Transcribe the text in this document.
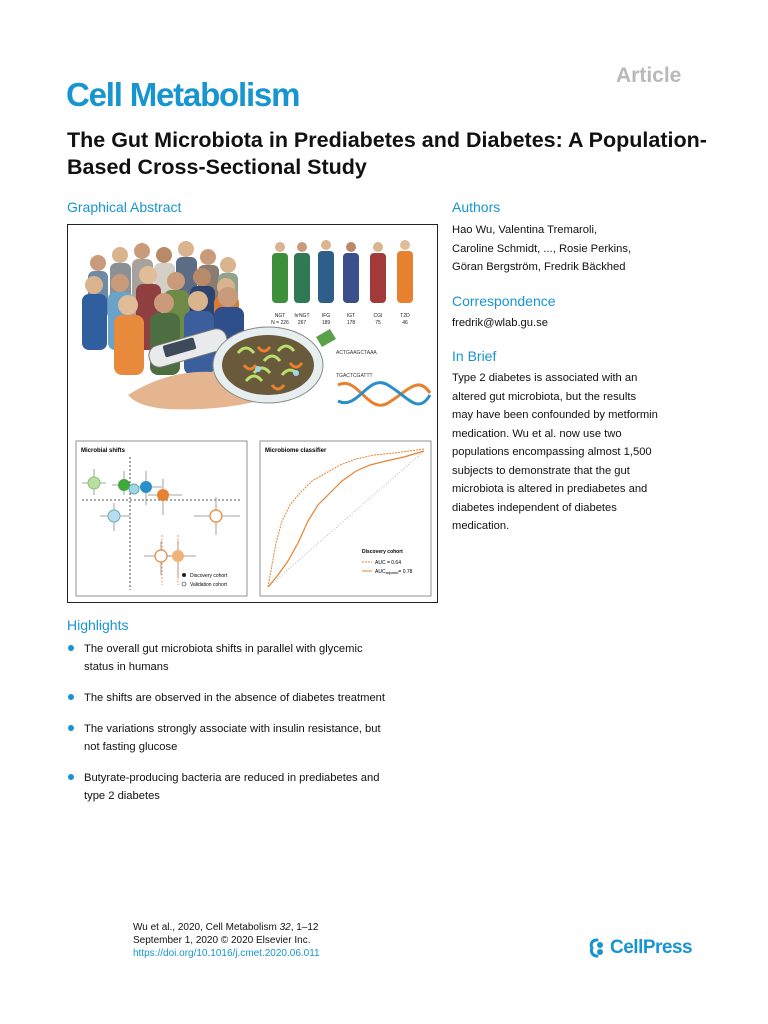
Cell Metabolism
Article
The Gut Microbiota in Prediabetes and Diabetes: A Population-Based Cross-Sectional Study
Graphical Abstract
NGT
N = 226
hrNGT
267
IFG
189
IGT
178
CGI
75
T2D
46
ACTGAAGCTAAA
TGACTCGATTT
Microbial shifts
Discovery cohort
Validation cohort
Microbiome classifier
Discovery cohort
AUC = 0.64
$AUC_{adjusted}= 0.78$
Authors
Hao Wu, Valentina Tremaroli,
Caroline Schmidt, ..., Rosie Perkins,
Göran Bergström, Fredrik Bäckhed
Correspondence
fredrik@wlab.gu.se
In Brief
Type 2 diabetes is associated with an
altered gut microbiota, but the results
may have been confounded by metformin
medication. Wu et al. now use two
populations encompassing almost 1,500
subjects to demonstrate that the gut
microbiota is altered in prediabetes and
diabetes independent of diabetes
medication.
Highlights
The overall gut microbiota shifts in parallel with glycemic
status in humans
The shifts are observed in the absence of diabetes treatment
The variations strongly associate with insulin resistance, but
not fasting glucose
Butyrate-producing bacteria are reduced in prediabetes and
type 2 diabetes
Wu et al., 2020, Cell Metabolism 32, 1–12
September 1, 2020 © 2020 Elsevier Inc.
https://doi.org/10.1016/j.cmet.2020.06.011	CellPress
